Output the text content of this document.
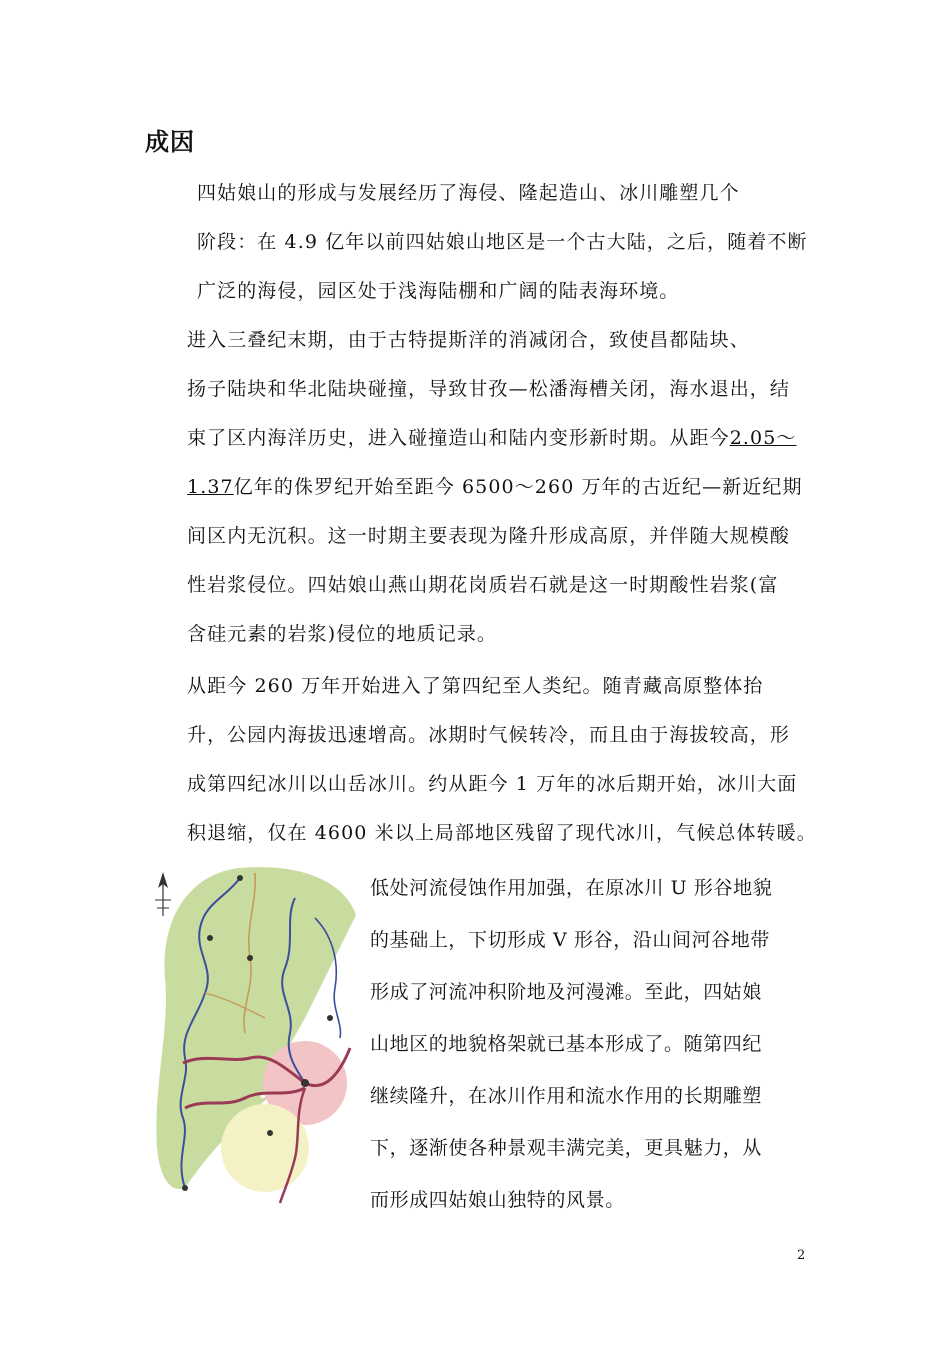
成因

四姑娘山的形成与发展经历了海侵、隆起造山、冰川雕塑几个
阶段：在 4.9 亿年以前四姑娘山地区是一个古大陆，之后，随着不断
广泛的海侵，园区处于浅海陆棚和广阔的陆表海环境。

进入三叠纪末期，由于古特提斯洋的消减闭合，致使昌都陆块、
扬子陆块和华北陆块碰撞，导致甘孜—松潘海槽关闭，海水退出，结
束了区内海洋历史，进入碰撞造山和陆内变形新时期。从距今2.05～
1.37亿年的侏罗纪开始至距今 6500～260 万年的古近纪—新近纪期
间区内无沉积。这一时期主要表现为隆升形成高原，并伴随大规模酸
性岩浆侵位。四姑娘山燕山期花岗质岩石就是这一时期酸性岩浆(富
含硅元素的岩浆)侵位的地质记录。

从距今 260 万年开始进入了第四纪至人类纪。随青藏高原整体抬
升，公园内海拔迅速增高。冰期时气候转冷，而且由于海拔较高，形
成第四纪冰川以山岳冰川。约从距今 1 万年的冰后期开始，冰川大面
积退缩，仅在 4600 米以上局部地区残留了现代冰川，气候总体转暖。

低处河流侵蚀作用加强，在原冰川 U 形谷地貌
的基础上，下切形成 V 形谷，沿山间河谷地带
形成了河流冲积阶地及河漫滩。至此，四姑娘
山地区的地貌格架就已基本形成了。随第四纪
继续隆升，在冰川作用和流水作用的长期雕塑
下，逐渐使各种景观丰满完美，更具魅力，从
而形成四姑娘山独特的风景。

2
